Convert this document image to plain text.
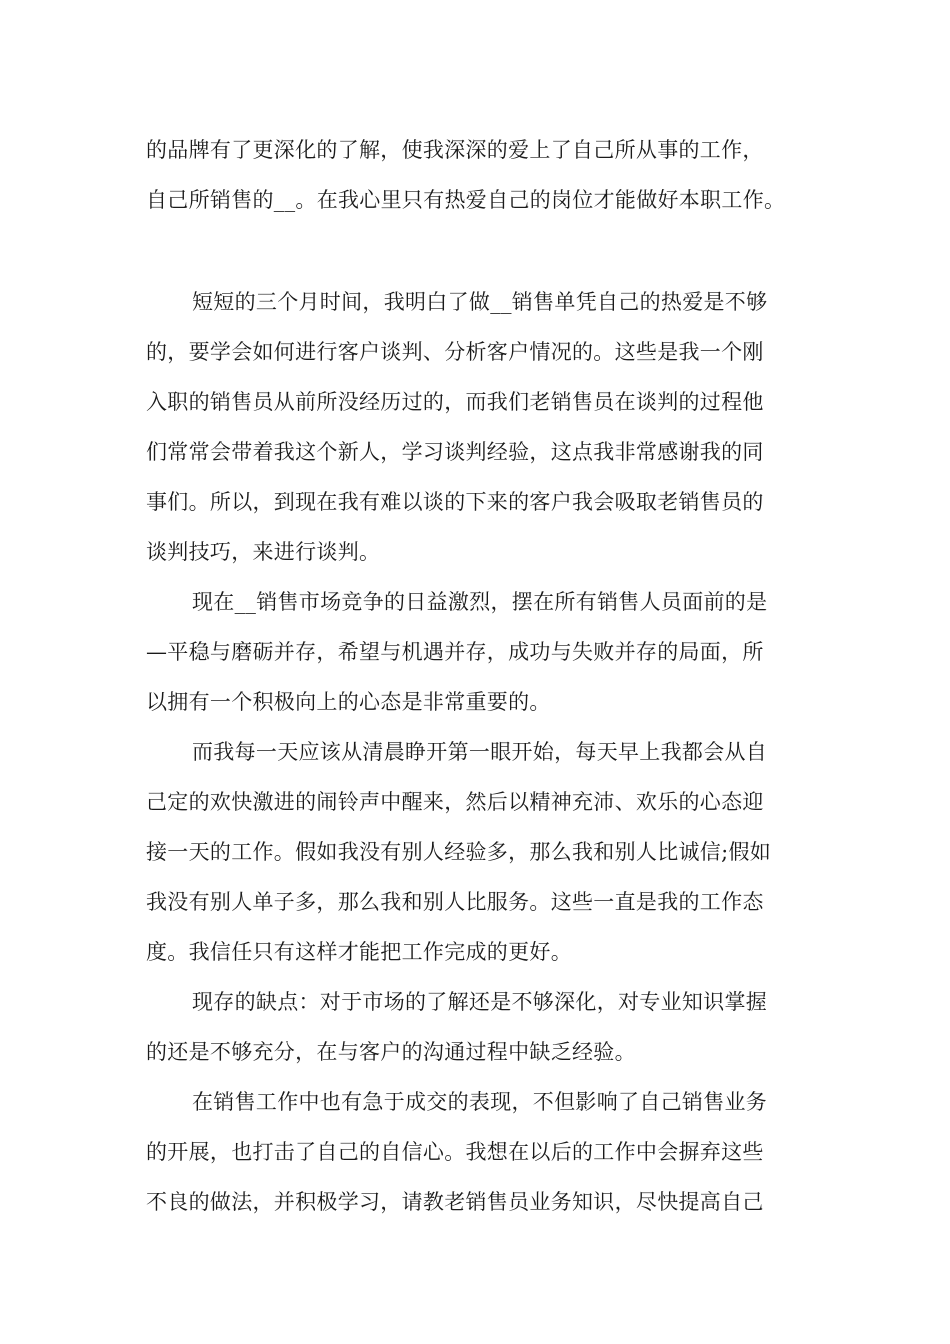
的品牌有了更深化的了解，使我深深的爱上了自己所从事的工作，

自己所销售的__。在我心里只有热爱自己的岗位才能做好本职工作。

短短的三个月时间，我明白了做__销售单凭自己的热爱是不够

的，要学会如何进行客户谈判、分析客户情况的。这些是我一个刚

入职的销售员从前所没经历过的，而我们老销售员在谈判的过程他

们常常会带着我这个新人，学习谈判经验，这点我非常感谢我的同

事们。所以，到现在我有难以谈的下来的客户我会吸取老销售员的

谈判技巧，来进行谈判。

现在__销售市场竞争的日益激烈，摆在所有销售人员面前的是

—平稳与磨砺并存，希望与机遇并存，成功与失败并存的局面，所

以拥有一个积极向上的心态是非常重要的。

而我每一天应该从清晨睁开第一眼开始，每天早上我都会从自

己定的欢快激进的闹铃声中醒来，然后以精神充沛、欢乐的心态迎

接一天的工作。假如我没有别人经验多，那么我和别人比诚信;假如

我没有别人单子多，那么我和别人比服务。这些一直是我的工作态

度。我信任只有这样才能把工作完成的更好。

现存的缺点：对于市场的了解还是不够深化，对专业知识掌握

的还是不够充分，在与客户的沟通过程中缺乏经验。

在销售工作中也有急于成交的表现，不但影响了自己销售业务

的开展，也打击了自己的自信心。我想在以后的工作中会摒弃这些

不良的做法，并积极学习，请教老销售员业务知识，尽快提高自己
